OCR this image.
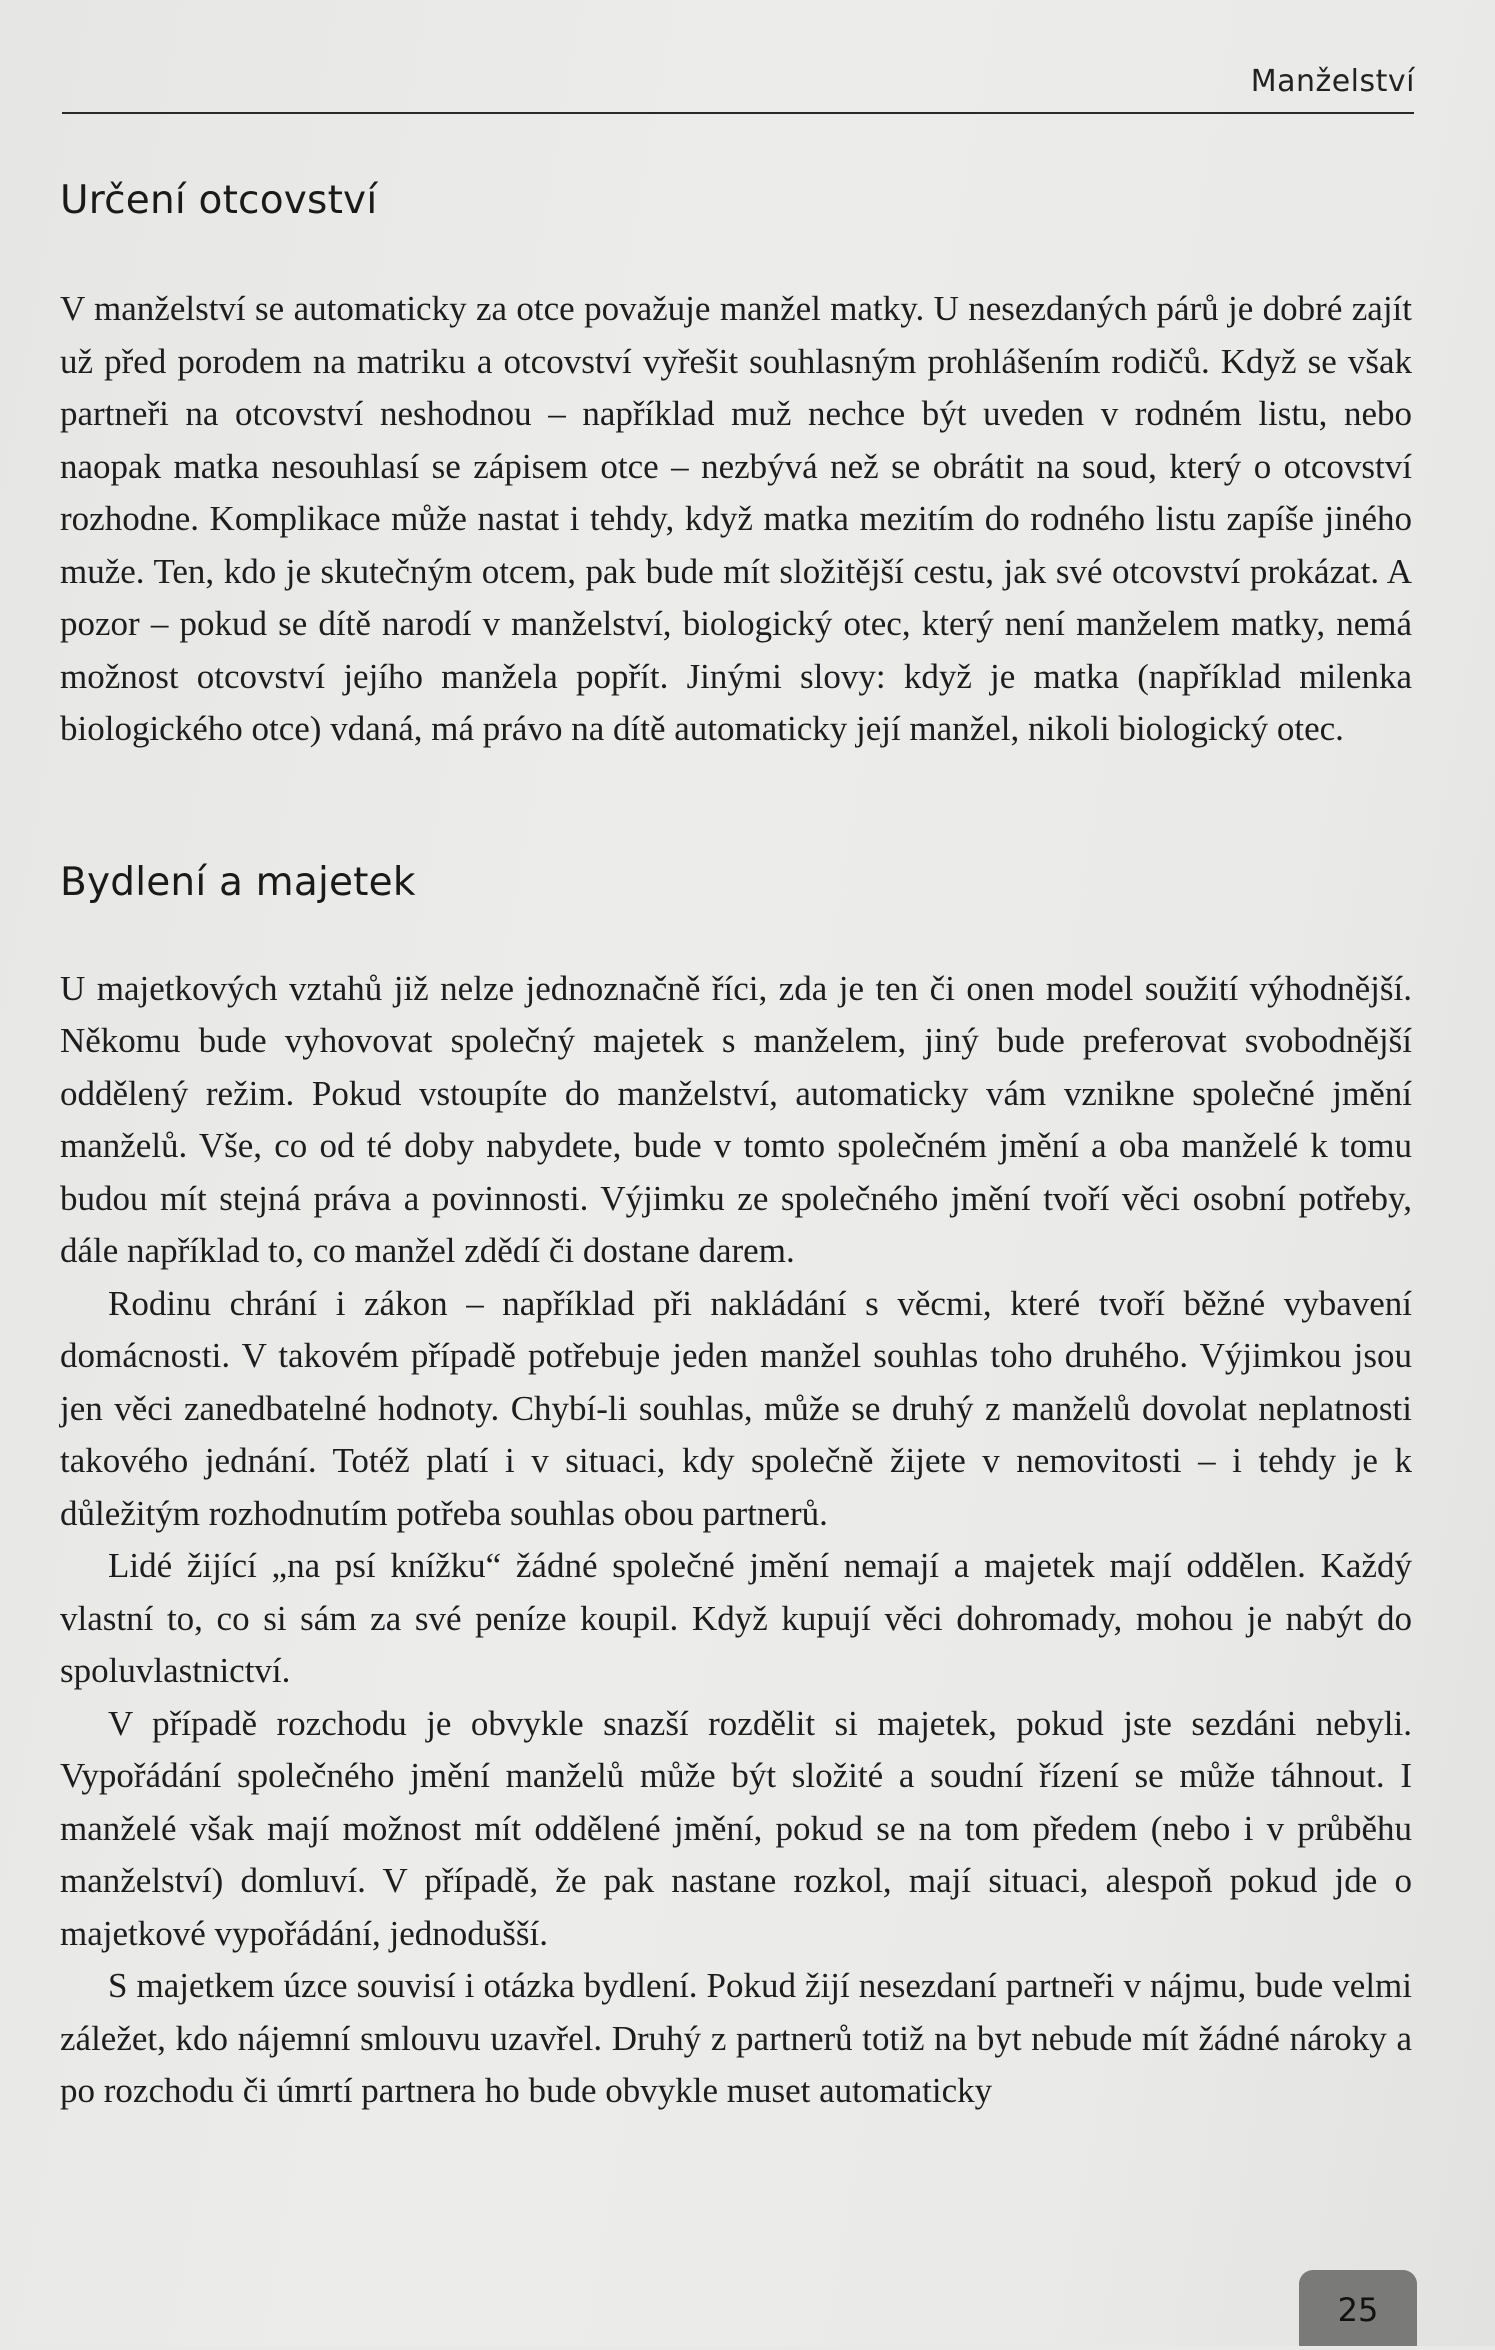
Manželství
Určení otcovství

V manželství se automaticky za otce považuje manžel matky. U nesezdaných párů je dobré zajít už před porodem na matriku a otcovství vyřešit souhlasným prohlášením rodičů. Když se však partneři na otcovství neshodnou – například muž nechce být uveden v rodném listu, nebo naopak matka nesouhlasí se zápisem otce – nezbývá než se obrátit na soud, který o otcovství rozhodne. Komplikace může nastat i tehdy, když matka mezitím do rodného listu zapíše jiného muže. Ten, kdo je skutečným otcem, pak bude mít složitější cestu, jak své otcovství prokázat. A pozor – pokud se dítě narodí v manželství, biologický otec, který není manželem matky, nemá možnost otcovství jejího manžela popřít. Jinými slovy: když je matka (například milenka biologického otce) vdaná, má právo na dítě automaticky její manžel, nikoli biologický otec.

Bydlení a majetek

U majetkových vztahů již nelze jednoznačně říci, zda je ten či onen model soužití výhodnější. Někomu bude vyhovovat společný majetek s manželem, jiný bude preferovat svobodnější oddělený režim. Pokud vstoupíte do manželství, automaticky vám vznikne společné jmění manželů. Vše, co od té doby nabydete, bude v tomto společném jmění a oba manželé k tomu budou mít stejná práva a povinnosti. Výjimku ze společného jmění tvoří věci osobní potřeby, dále například to, co manžel zdědí či dostane darem.

Rodinu chrání i zákon – například při nakládání s věcmi, které tvoří běžné vybavení domácnosti. V takovém případě potřebuje jeden manžel souhlas toho druhého. Výjimkou jsou jen věci zanedbatelné hodnoty. Chybí-li souhlas, může se druhý z manželů dovolat neplatnosti takového jednání. Totéž platí i v situaci, kdy společně žijete v nemovitosti – i tehdy je k důležitým rozhodnutím potřeba souhlas obou partnerů.

Lidé žijící „na psí knížku“ žádné společné jmění nemají a majetek mají oddělen. Každý vlastní to, co si sám za své peníze koupil. Když kupují věci dohromady, mohou je nabýt do spoluvlastnictví.

V případě rozchodu je obvykle snazší rozdělit si majetek, pokud jste sezdáni nebyli. Vypořádání společného jmění manželů může být složité a soudní řízení se může táhnout. I manželé však mají možnost mít oddělené jmění, pokud se na tom předem (nebo i v průběhu manželství) domluví. V případě, že pak nastane rozkol, mají situaci, alespoň pokud jde o majetkové vypořádání, jednodušší.

S majetkem úzce souvisí i otázka bydlení. Pokud žijí nesezdaní partneři v nájmu, bude velmi záležet, kdo nájemní smlouvu uzavřel. Druhý z partnerů totiž na byt nebude mít žádné nároky a po rozchodu či úmrtí partnera ho bude obvykle muset automaticky

25
